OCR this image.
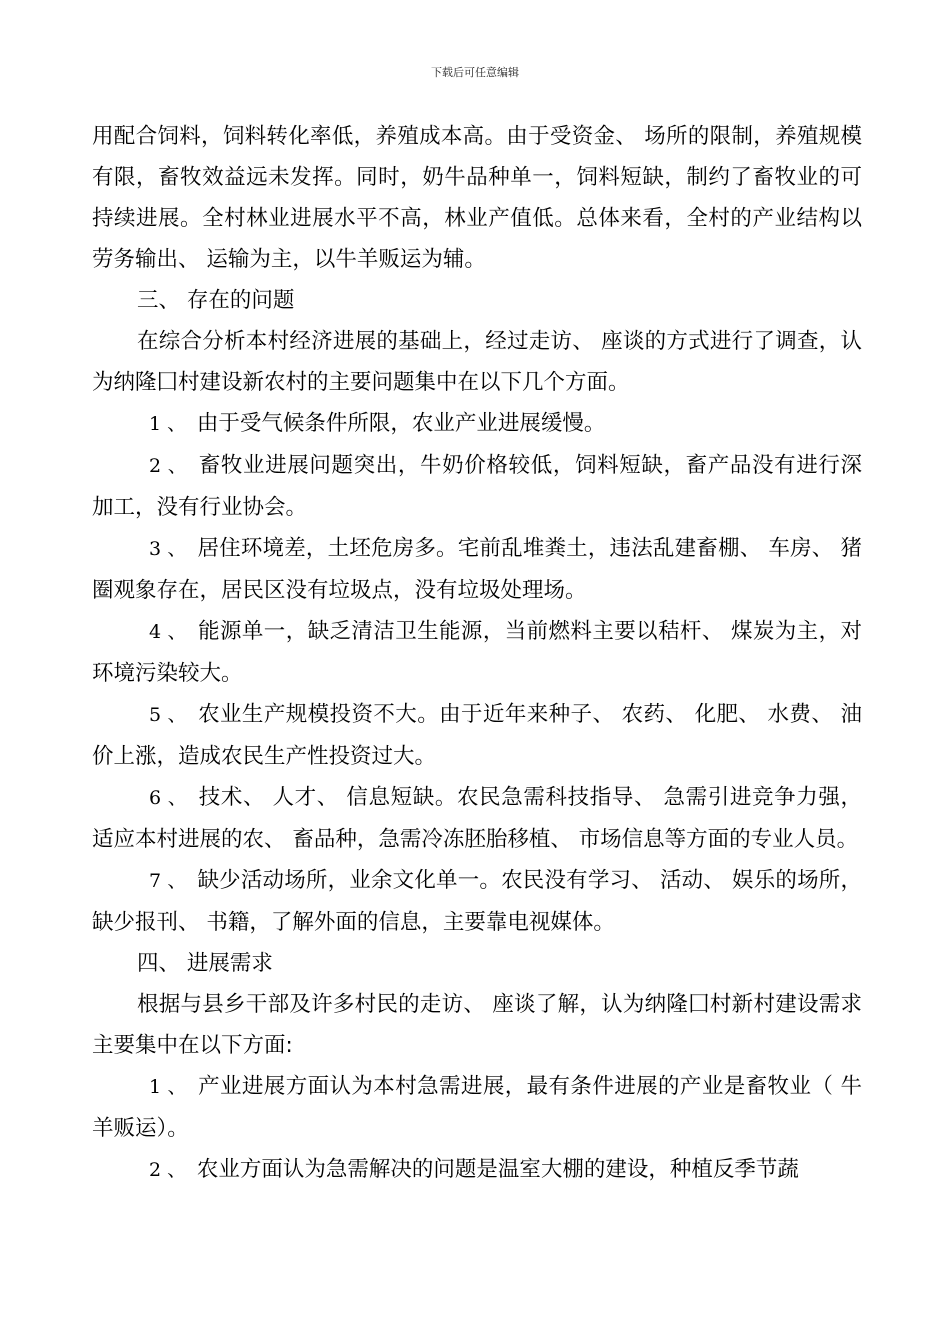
下载后可任意编辑

用配合饲料，饲料转化率低，养殖成本高。由于受资金、 场所的限制，养殖规模有限，畜牧效益远未发挥。同时，奶牛品种单一，饲料短缺，制约了畜牧业的可持续进展。全村林业进展水平不高，林业产值低。总体来看，全村的产业结构以劳务输出、 运输为主，以牛羊贩运为辅。

三、 存在的问题

在综合分析本村经济进展的基础上，经过走访、 座谈的方式进行了调查，认为纳隆囗村建设新农村的主要问题集中在以下几个方面。

1 、  由于受气候条件所限，农业产业进展缓慢。

2 、  畜牧业进展问题突出，牛奶价格较低，饲料短缺，畜产品没有进行深加工，没有行业协会。

3 、  居住环境差，土坯危房多。宅前乱堆粪土，违法乱建畜棚、 车房、 猪圈观象存在，居民区没有垃圾点，没有垃圾处理场。

4 、  能源单一，缺乏清洁卫生能源，当前燃料主要以秸杆、 煤炭为主，对环境污染较大。

5 、  农业生产规模投资不大。由于近年来种子、 农药、 化肥、 水费、 油价上涨，造成农民生产性投资过大。

6 、  技术、 人才、 信息短缺。农民急需科技指导、 急需引进竞争力强，适应本村进展的农、 畜品种，急需冷冻胚胎移植、 市场信息等方面的专业人员。

7 、  缺少活动场所，业余文化单一。农民没有学习、 活动、 娱乐的场所，缺少报刊、 书籍，了解外面的信息，主要靠电视媒体。

四、 进展需求

根据与县乡干部及许多村民的走访、 座谈了解，认为纳隆囗村新村建设需求主要集中在以下方面:

1 、  产业进展方面认为本村急需进展，最有条件进展的产业是畜牧业（ 牛羊贩运）。

2 、  农业方面认为急需解决的问题是温室大棚的建设，种植反季节蔬
